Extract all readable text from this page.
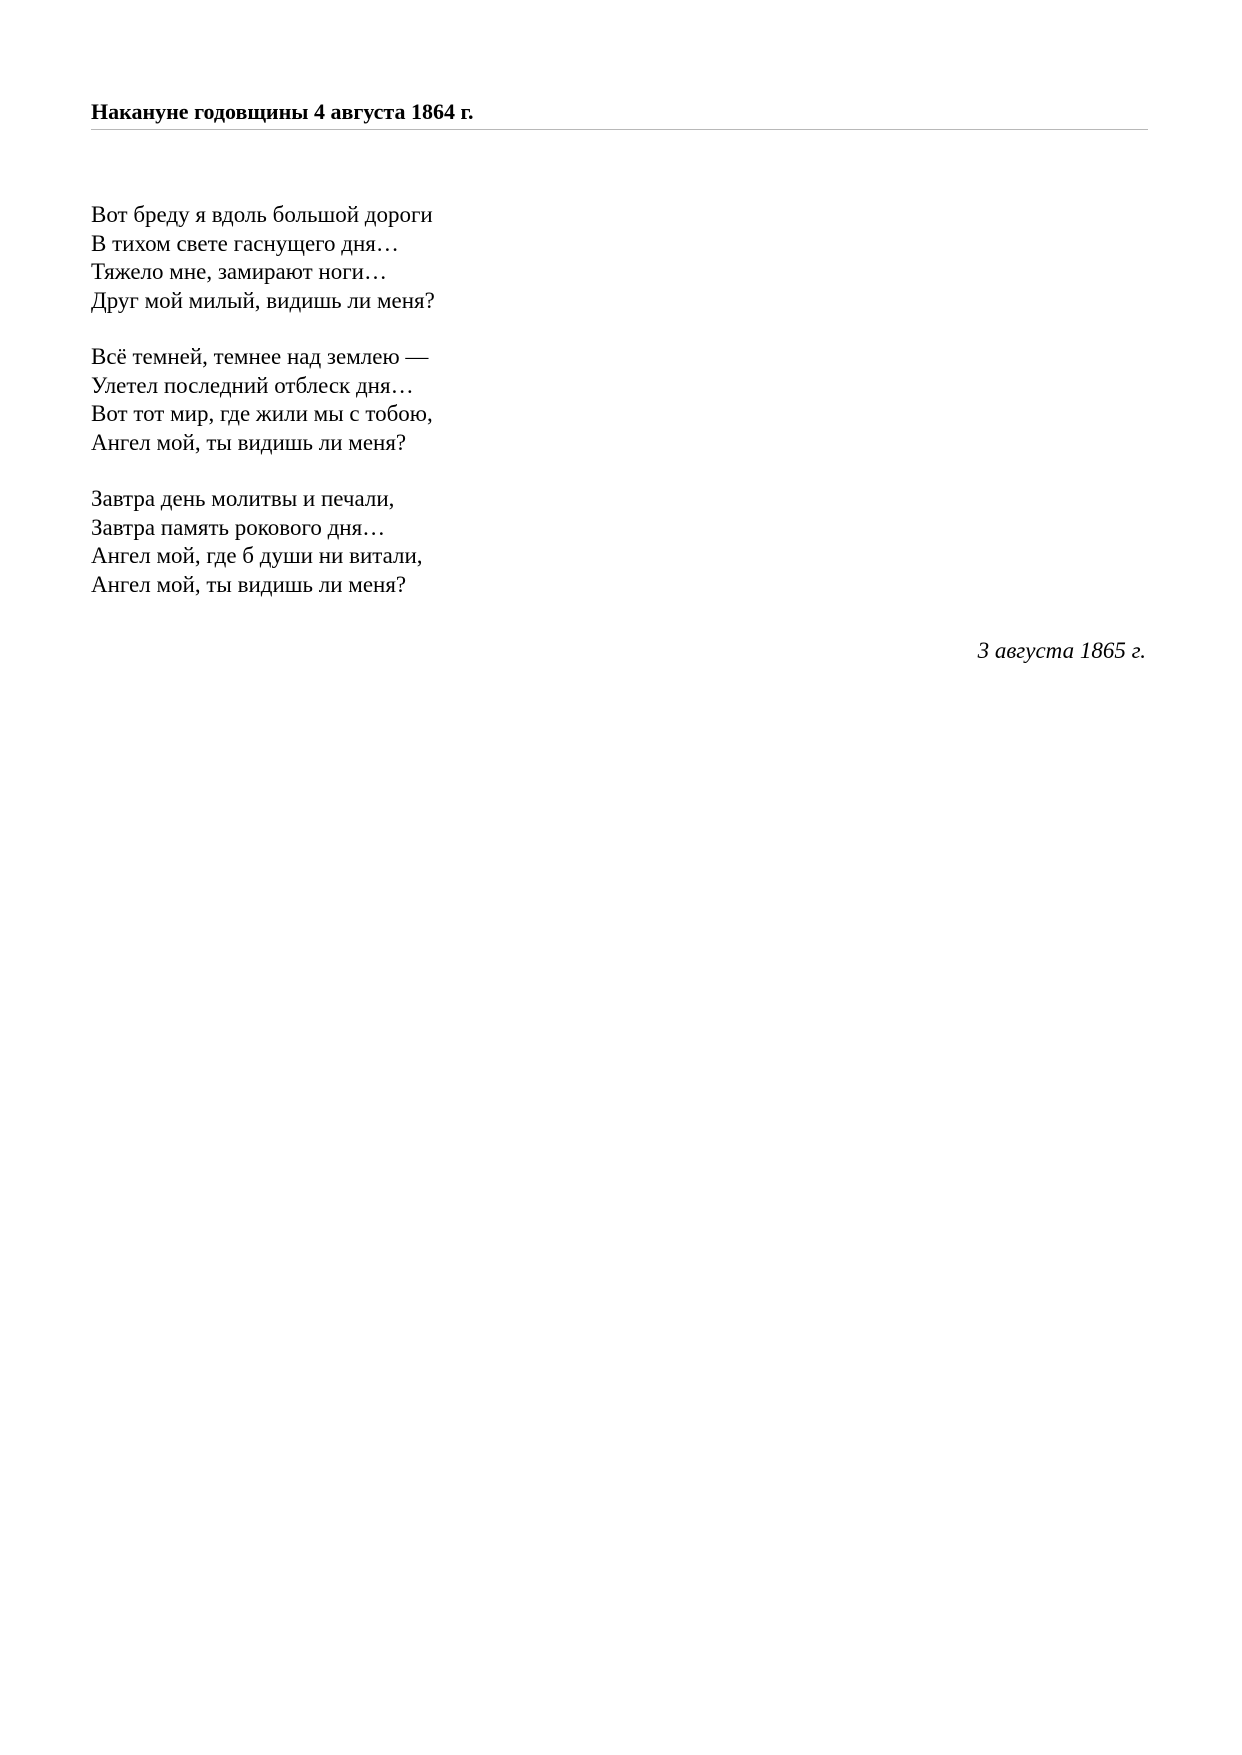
Накануне годовщины 4 августа 1864 г.
Вот бреду я вдоль большой дороги
В тихом свете гаснущего дня…
Тяжело мне, замирают ноги…
Друг мой милый, видишь ли меня?
Всё темней, темнее над землею —
Улетел последний отблеск дня…
Вот тот мир, где жили мы с тобою,
Ангел мой, ты видишь ли меня?
Завтра день молитвы и печали,
Завтра память рокового дня…
Ангел мой, где б души ни витали,
Ангел мой, ты видишь ли меня?
3 августа 1865 г.
